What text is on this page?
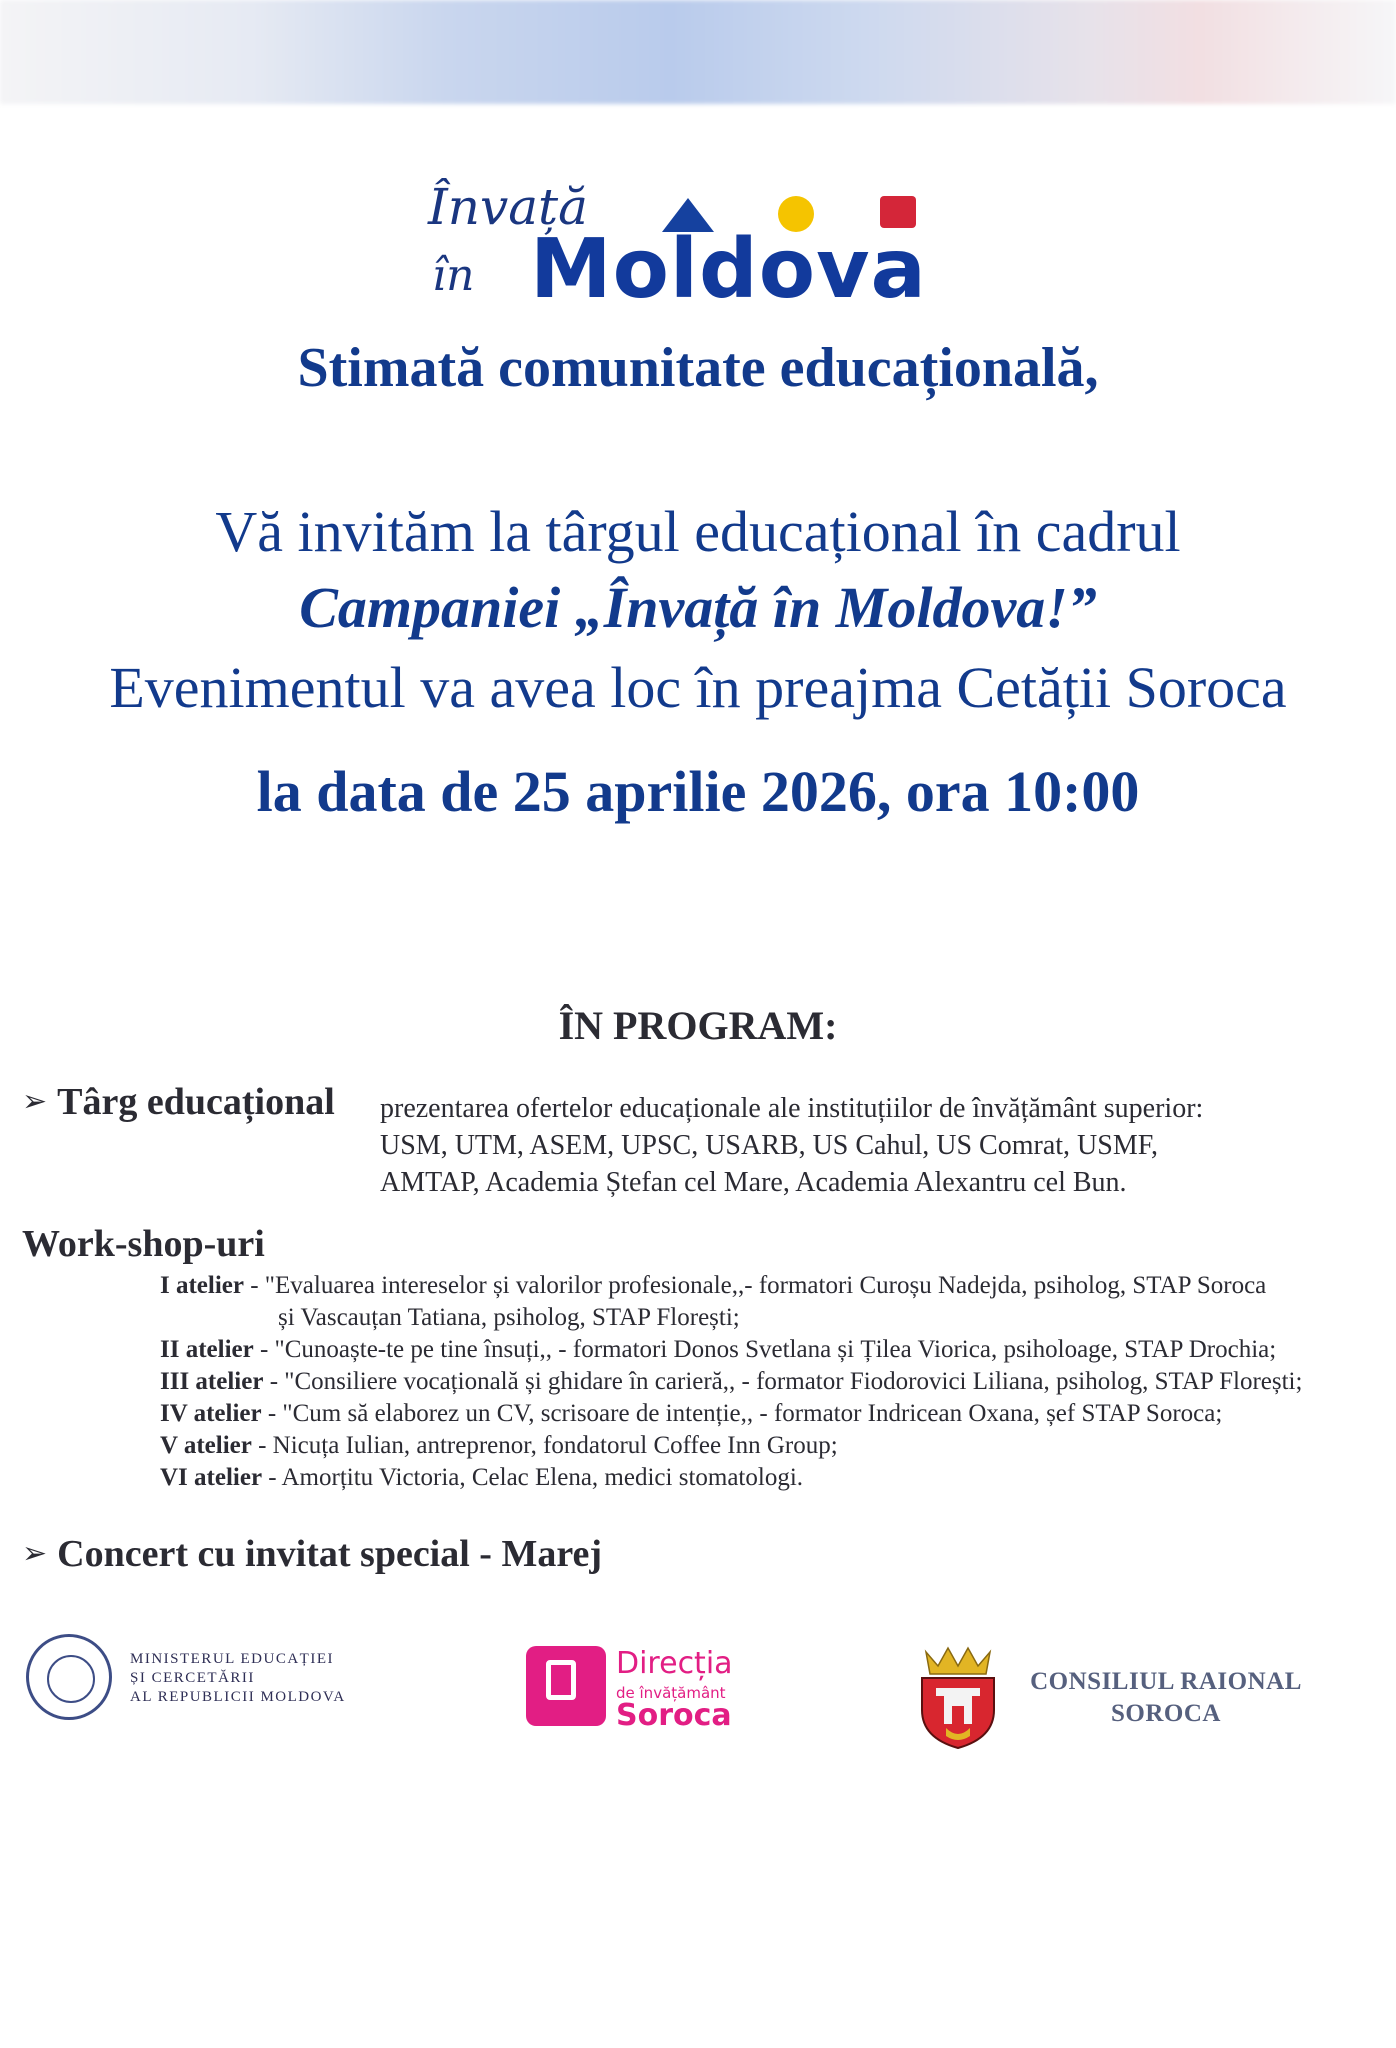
Învață
în Moldova
Stimată comunitate educațională,
Vă invităm la târgul educațional în cadrul
Campaniei „Învață în Moldova!”
Evenimentul va avea loc în preajma Cetății Soroca
la data de 25 aprilie 2026, ora 10:00
ÎN PROGRAM:
➢ Târg educațional prezentarea ofertelor educaționale ale instituțiilor de învățământ superior:
USM, UTM, ASEM, UPSC, USARB, US Cahul, US Comrat, USMF,
AMTAP, Academia Ștefan cel Mare, Academia Alexantru cel Bun.
Work-shop-uri
I atelier - "Evaluarea intereselor și valorilor profesionale,,- formatori Curoșu Nadejda, psiholog, STAP Soroca
și Vascauțan Tatiana, psiholog, STAP Florești;
II atelier - "Cunoaște-te pe tine însuți,, - formatori Donos Svetlana și Țilea Viorica, psiholoage, STAP Drochia;
III atelier - "Consiliere vocațională și ghidare în carieră,, - formator Fiodorovici Liliana, psiholog, STAP Florești;
IV atelier - "Cum să elaborez un CV, scrisoare de intenție,, - formator Indricean Oxana, șef STAP Soroca;
V atelier - Nicuța Iulian, antreprenor, fondatorul Coffee Inn Group;
VI atelier - Amorțitu Victoria, Celac Elena, medici stomatologi.
➢ Concert cu invitat special - Marej
MINISTERUL EDUCAȚIEI
ȘI CERCETĂRII
AL REPUBLICII MOLDOVA
Direcția
de învățământ
Soroca
CONSILIUL RAIONAL
SOROCA
